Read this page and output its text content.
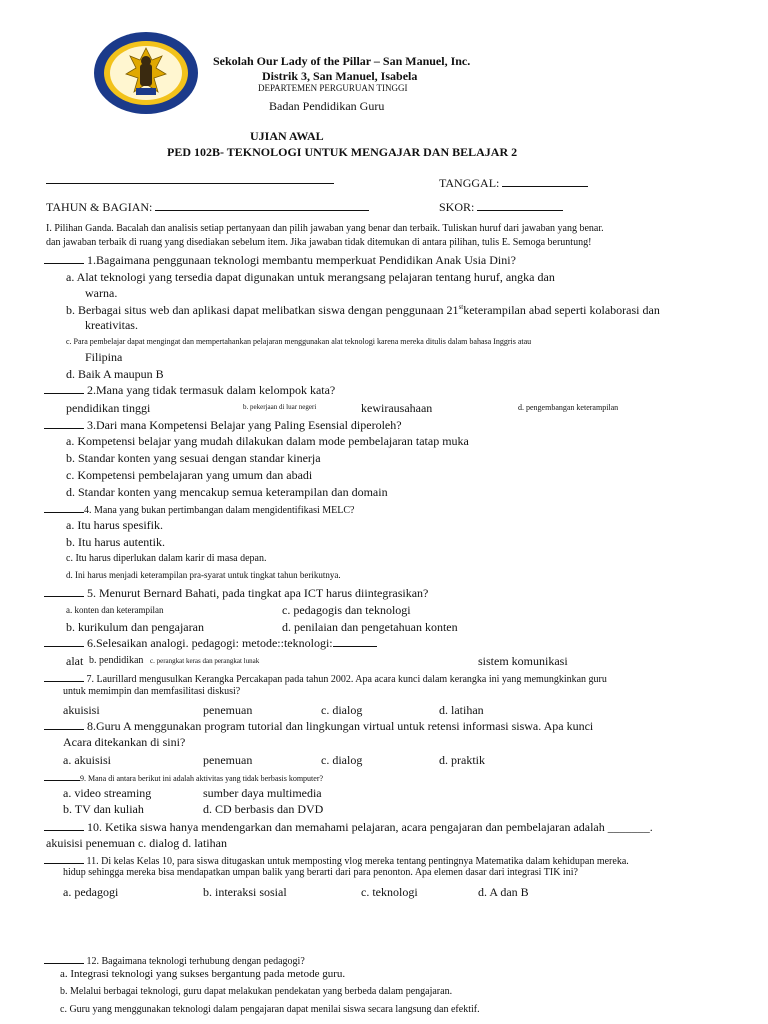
Sekolah Our Lady of the Pillar – San Manuel, Inc.
Distrik 3, San Manuel, Isabela
DEPARTEMEN PERGURUAN TINGGI
Badan Pendidikan Guru
UJIAN AWAL
PED 102B- TEKNOLOGI UNTUK MENGAJAR DAN BELAJAR 2
TANGGAL:
TAHUN & BAGIAN:	SKOR:
I. Pilihan Ganda. Bacalah dan analisis setiap pertanyaan dan pilih jawaban yang benar dan terbaik. Tuliskan huruf dari jawaban yang benar.
dan jawaban terbaik di ruang yang disediakan sebelum item. Jika jawaban tidak ditemukan di antara pilihan, tulis E. Semoga beruntung!
1.Bagaimana penggunaan teknologi membantu memperkuat Pendidikan Anak Usia Dini?
a. Alat teknologi yang tersedia dapat digunakan untuk merangsang pelajaran tentang huruf, angka dan
warna.
b. Berbagai situs web dan aplikasi dapat melibatkan siswa dengan penggunaan 21stketerampilan abad seperti kolaborasi dan
kreativitas.
c. Para pembelajar dapat mengingat dan mempertahankan pelajaran menggunakan alat teknologi karena mereka ditulis dalam bahasa Inggris atau
Filipina
d. Baik A maupun B
2.Mana yang tidak termasuk dalam kelompok kata?
pendidikan tinggi	b. pekerjaan di luar negeri	kewirausahaan	d. pengembangan keterampilan
3.Dari mana Kompetensi Belajar yang Paling Esensial diperoleh?
a. Kompetensi belajar yang mudah dilakukan dalam mode pembelajaran tatap muka
b. Standar konten yang sesuai dengan standar kinerja
c. Kompetensi pembelajaran yang umum dan abadi
d. Standar konten yang mencakup semua keterampilan dan domain
4. Mana yang bukan pertimbangan dalam mengidentifikasi MELC?
a. Itu harus spesifik.
b. Itu harus autentik.
c. Itu harus diperlukan dalam karir di masa depan.
d. Ini harus menjadi keterampilan pra-syarat untuk tingkat tahun berikutnya.
5. Menurut Bernard Bahati, pada tingkat apa ICT harus diintegrasikan?
a. konten dan keterampilan	c. pedagogis dan teknologi
b. kurikulum dan pengajaran	d. penilaian dan pengetahuan konten
6.Selesaikan analogi. pedagogi: metode::teknologi:
alat b. pendidikan c. perangkat keras dan perangkat lunak	sistem komunikasi
7. Laurillard mengusulkan Kerangka Percakapan pada tahun 2002. Apa acara kunci dalam kerangka ini yang memungkinkan guru
untuk memimpin dan memfasilitasi diskusi?
akuisisi	penemuan	c. dialog	d. latihan
8.Guru A menggunakan program tutorial dan lingkungan virtual untuk retensi informasi siswa. Apa kunci
Acara ditekankan di sini?
a. akuisisi	penemuan	c. dialog	d. praktik
9. Mana di antara berikut ini adalah aktivitas yang tidak berbasis komputer?
a. video streaming	sumber daya multimedia
b. TV dan kuliah	d. CD berbasis dan DVD
10. Ketika siswa hanya mendengarkan dan memahami pelajaran, acara pengajaran dan pembelajaran adalah _______.
akuisisi penemuan c. dialog d. latihan
11. Di kelas Kelas 10, para siswa ditugaskan untuk memposting vlog mereka tentang pentingnya Matematika dalam kehidupan mereka.
hidup sehingga mereka bisa mendapatkan umpan balik yang berarti dari para penonton. Apa elemen dasar dari integrasi TIK ini?
a. pedagogi	b. interaksi sosial	c. teknologi	d. A dan B
12. Bagaimana teknologi terhubung dengan pedagogi?
a. Integrasi teknologi yang sukses bergantung pada metode guru.
b. Melalui berbagai teknologi, guru dapat melakukan pendekatan yang berbeda dalam pengajaran.
c. Guru yang menggunakan teknologi dalam pengajaran dapat menilai siswa secara langsung dan efektif.
